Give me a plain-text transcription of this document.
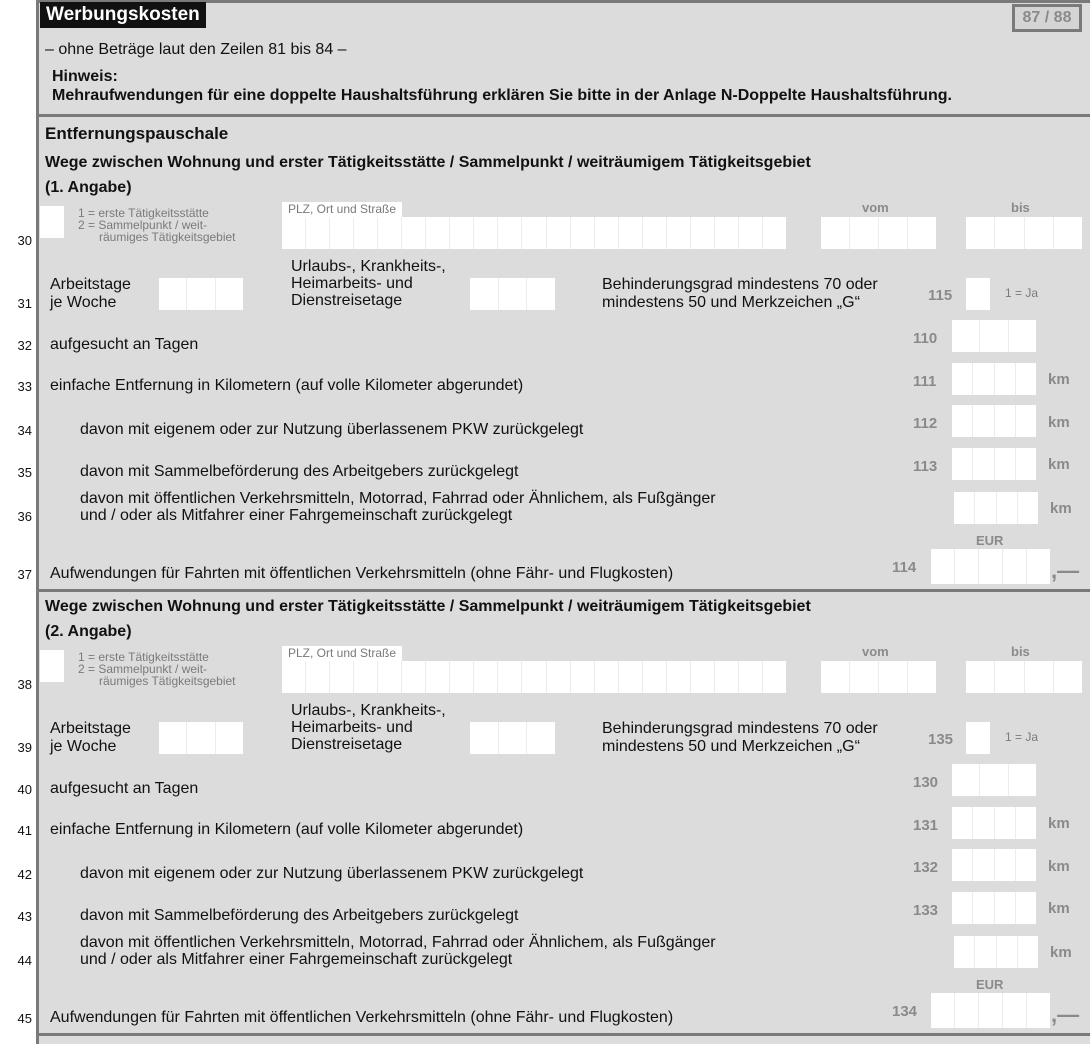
Werbungskosten	87 / 88
– ohne Beträge laut den Zeilen 81 bis 84 –
Hinweis:
Mehraufwendungen für eine doppelte Haushaltsführung erklären Sie bitte in der Anlage N-Doppelte Haushaltsführung.
Entfernungspauschale
Wege zwischen Wohnung und erster Tätigkeitsstätte / Sammelpunkt / weiträumigem Tätigkeitsgebiet
(1. Angabe)
1 = erste Tätigkeitsstätte
2 = Sammelpunkt / weit-
räumiges Tätigkeitsgebiet
30
PLZ, Ort und Straße	vom	bis
Arbeitstage
je Woche
31
Urlaubs-, Krankheits-,
Heimarbeits- und
Dienstreisetage
Behinderungsgrad mindestens 70 oder
mindestens 50 und Merkzeichen „G“	115	1 = Ja
32 aufgesucht an Tagen	110
33 einfache Entfernung in Kilometern (auf volle Kilometer abgerundet)	111	km
34	davon mit eigenem oder zur Nutzung überlassenem PKW zurückgelegt	112	km
35	davon mit Sammelbeförderung des Arbeitgebers zurückgelegt	113	km
36
davon mit öffentlichen Verkehrsmitteln, Motorrad, Fahrrad oder Ähnlichem, als Fußgänger
und / oder als Mitfahrer einer Fahrgemeinschaft zurückgelegt	km
EUR
37 Aufwendungen für Fahrten mit öffentlichen Verkehrsmitteln (ohne Fähr- und Flugkosten)	114	,—
Wege zwischen Wohnung und erster Tätigkeitsstätte / Sammelpunkt / weiträumigem Tätigkeitsgebiet
(2. Angabe)
1 = erste Tätigkeitsstätte
2 = Sammelpunkt / weit-
räumiges Tätigkeitsgebiet
38
PLZ, Ort und Straße	vom	bis
Arbeitstage
je Woche
39
Urlaubs-, Krankheits-,
Heimarbeits- und
Dienstreisetage
Behinderungsgrad mindestens 70 oder
mindestens 50 und Merkzeichen „G“	135	1 = Ja
40 aufgesucht an Tagen	130
41 einfache Entfernung in Kilometern (auf volle Kilometer abgerundet)	131	km
42	davon mit eigenem oder zur Nutzung überlassenem PKW zurückgelegt	132	km
43	davon mit Sammelbeförderung des Arbeitgebers zurückgelegt	133	km
44
davon mit öffentlichen Verkehrsmitteln, Motorrad, Fahrrad oder Ähnlichem, als Fußgänger
und / oder als Mitfahrer einer Fahrgemeinschaft zurückgelegt	km
EUR
45 Aufwendungen für Fahrten mit öffentlichen Verkehrsmitteln (ohne Fähr- und Flugkosten)	134	,—
